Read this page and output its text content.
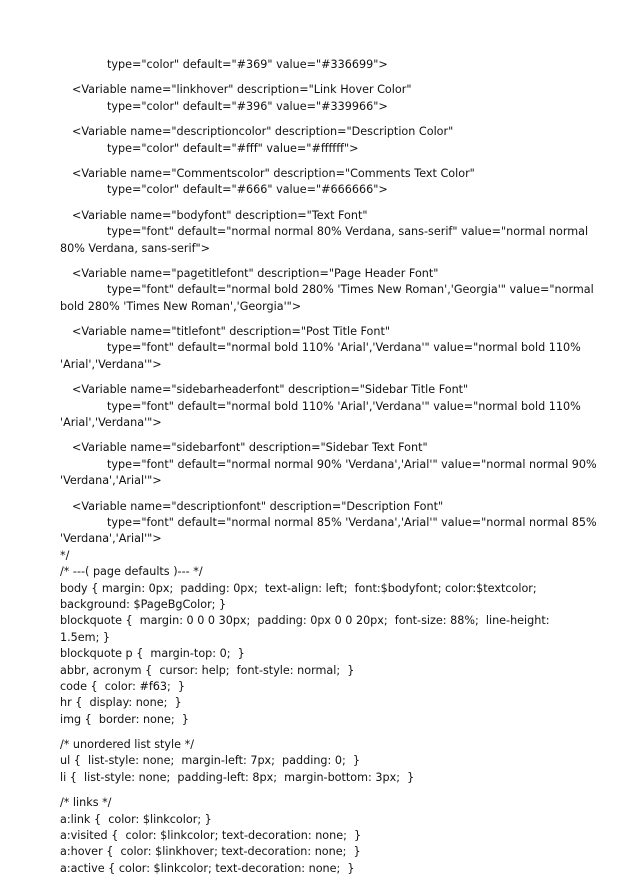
type="color" default="#369" value="#336699">
<Variable name="linkhover" description="Link Hover Color"
type="color" default="#396" value="#339966">
<Variable name="descriptioncolor" description="Description Color"
type="color" default="#fff" value="#ffffff">
<Variable name="Commentscolor" description="Comments Text Color"
type="color" default="#666" value="#666666">
<Variable name="bodyfont" description="Text Font"
type="font" default="normal normal 80% Verdana, sans-serif" value="normal normal
80% Verdana, sans-serif">
<Variable name="pagetitlefont" description="Page Header Font"
type="font" default="normal bold 280% 'Times New Roman','Georgia'" value="normal
bold 280% 'Times New Roman','Georgia'">
<Variable name="titlefont" description="Post Title Font"
type="font" default="normal bold 110% 'Arial','Verdana'" value="normal bold 110%
'Arial','Verdana'">
<Variable name="sidebarheaderfont" description="Sidebar Title Font"
type="font" default="normal bold 110% 'Arial','Verdana'" value="normal bold 110%
'Arial','Verdana'">
<Variable name="sidebarfont" description="Sidebar Text Font"
type="font" default="normal normal 90% 'Verdana','Arial'" value="normal normal 90%
'Verdana','Arial'">
<Variable name="descriptionfont" description="Description Font"
type="font" default="normal normal 85% 'Verdana','Arial'" value="normal normal 85%
'Verdana','Arial'">
*/
/* ---( page defaults )--- */
body { margin: 0px;  padding: 0px;  text-align: left;  font:$bodyfont; color:$textcolor;
background: $PageBgColor; }
blockquote {  margin: 0 0 0 30px;  padding: 0px 0 0 20px;  font-size: 88%;  line-height:
1.5em; }
blockquote p {  margin-top: 0;  }
abbr, acronym {  cursor: help;  font-style: normal;  }
code {  color: #f63;  }
hr {  display: none;  }
img {  border: none;  }
/* unordered list style */
ul {  list-style: none;  margin-left: 7px;  padding: 0;  }
li {  list-style: none;  padding-left: 8px;  margin-bottom: 3px;  }
/* links */
a:link {  color: $linkcolor; }
a:visited {  color: $linkcolor; text-decoration: none;  }
a:hover {  color: $linkhover; text-decoration: none;  }
a:active { color: $linkcolor; text-decoration: none;  }
